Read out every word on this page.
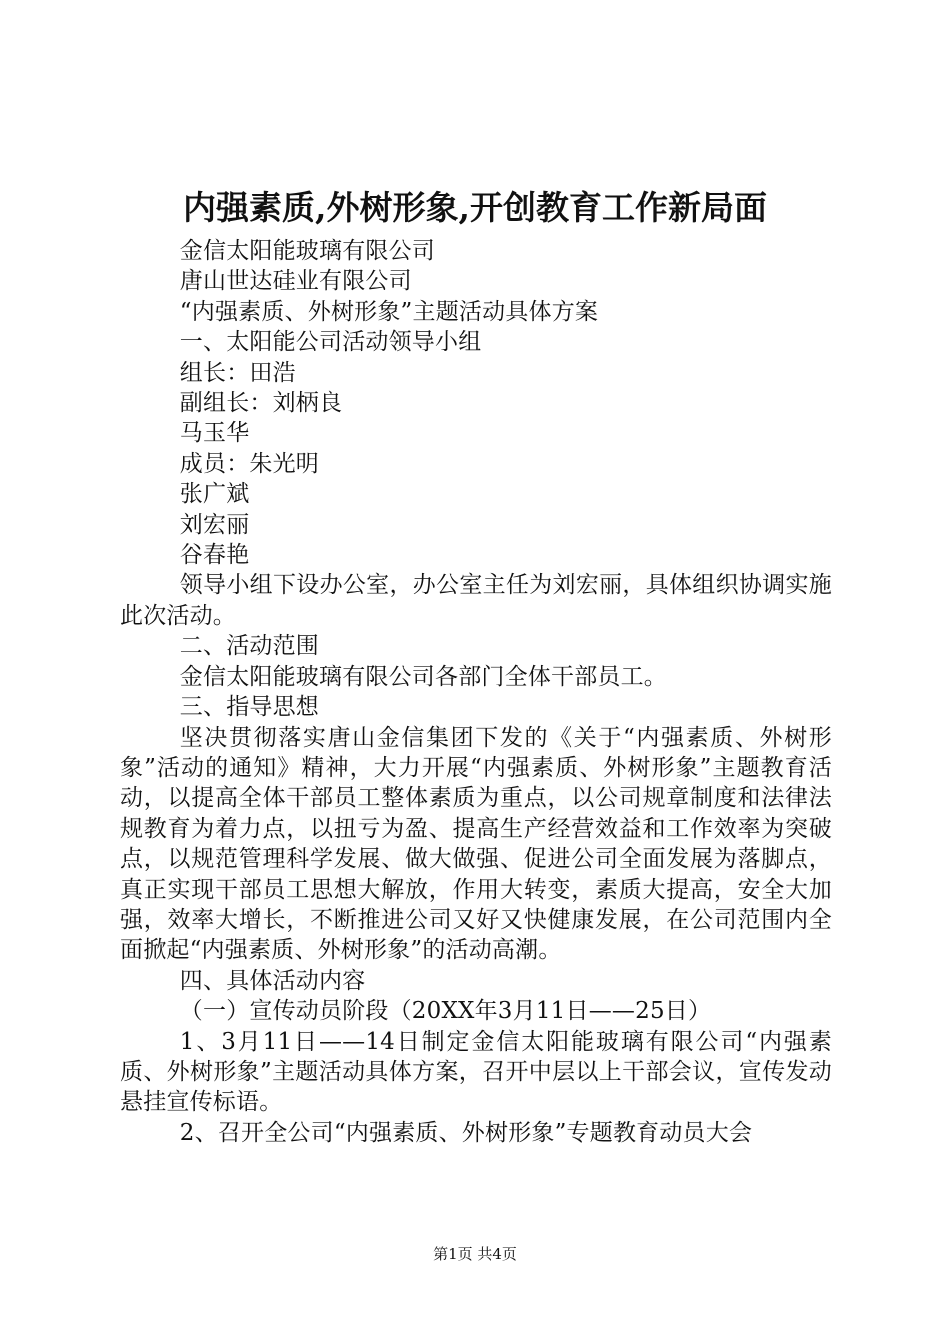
内强素质,外树形象,开创教育工作新局面

金信太阳能玻璃有限公司

唐山世达硅业有限公司

“内强素质、外树形象”主题活动具体方案

一、太阳能公司活动领导小组

组长：田浩

副组长：刘柄良

马玉华

成员：朱光明

张广斌

刘宏丽

谷春艳

领导小组下设办公室，办公室主任为刘宏丽，具体组织协调实施此次活动。

二、活动范围

金信太阳能玻璃有限公司各部门全体干部员工。

三、指导思想

坚决贯彻落实唐山金信集团下发的《关于“内强素质、外树形象”活动的通知》精神，大力开展“内强素质、外树形象”主题教育活动，以提高全体干部员工整体素质为重点，以公司规章制度和法律法规教育为着力点，以扭亏为盈、提高生产经营效益和工作效率为突破点，以规范管理科学发展、做大做强、促进公司全面发展为落脚点，真正实现干部员工思想大解放，作用大转变，素质大提高，安全大加强，效率大增长，不断推进公司又好又快健康发展，在公司范围内全面掀起“内强素质、外树形象”的活动高潮。

四、具体活动内容

（一）宣传动员阶段（20XX年3月11日——25日）

1、3月11日——14日制定金信太阳能玻璃有限公司“内强素质、外树形象”主题活动具体方案，召开中层以上干部会议，宣传发动悬挂宣传标语。

2、召开全公司“内强素质、外树形象”专题教育动员大会

第1页 共4页
